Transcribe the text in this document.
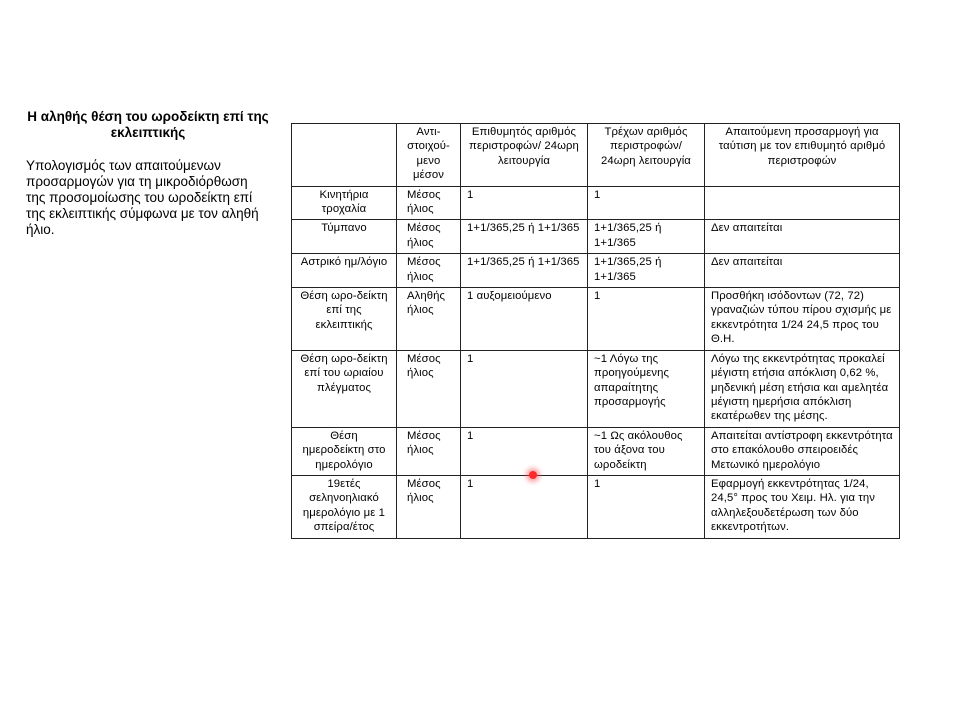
Η αληθής θέση του ωροδείκτη επί της εκλειπτικής
Υπολογισμός των απαιτούμενων προσαρμογών για τη μικροδιόρθωση της προσομοίωσης του ωροδείκτη επί της εκλειπτικής σύμφωνα με τον αληθή ήλιο.
	Αντι-στοιχού-μενο μέσον	Επιθυμητός αριθμός περιστροφών/ 24ωρη λειτουργία	Τρέχων αριθμός περιστροφών/ 24ωρη λειτουργία	Απαιτούμενη προσαρμογή για ταύτιση με τον επιθυμητό αριθμό περιστροφών
Κινητήρια τροχαλία	Μέσος ήλιος	1	1	
Τύμπανο	Μέσος ήλιος	1+1/365,25 ή 1+1/365	1+1/365,25 ή 1+1/365	Δεν απαιτείται
Αστρικό ημ/λόγιο	Μέσος ήλιος	1+1/365,25 ή 1+1/365	1+1/365,25 ή 1+1/365	Δεν απαιτείται
Θέση ωρο-δείκτη επί της εκλειπτικής	Αληθής ήλιος	1 αυξομειούμενο	1	Προσθήκη ισόδοντων (72, 72) γραναζιών τύπου πίρου σχισμής με εκκεντρότητα 1/24 24,5 προς του Θ.Η.
Θέση ωρο-δείκτη επί του ωριαίου πλέγματος	Μέσος ήλιος	1	~1 Λόγω της προηγούμενης απαραίτητης προσαρμογής	Λόγω της εκκεντρότητας προκαλεί μέγιστη ετήσια απόκλιση 0,62 %, μηδενική μέση ετήσια και αμελητέα μέγιστη ημερήσια απόκλιση εκατέρωθεν της μέσης.
Θέση ημεροδείκτη στο ημερολόγιο	Μέσος ήλιος	1	~1 Ως ακόλουθος του άξονα του ωροδείκτη	Απαιτείται αντίστροφη εκκεντρότητα στο επακόλουθο σπειροειδές Μετωνικό ημερολόγιο
19ετές σεληνοηλιακό ημερολόγιο με 1 σπείρα/έτος	Μέσος ήλιος	1	1	Εφαρμογή εκκεντρότητας 1/24, 24,5° προς του Χειμ. Ηλ. για την αλληλεξουδετέρωση των δύο εκκεντροτήτων.
